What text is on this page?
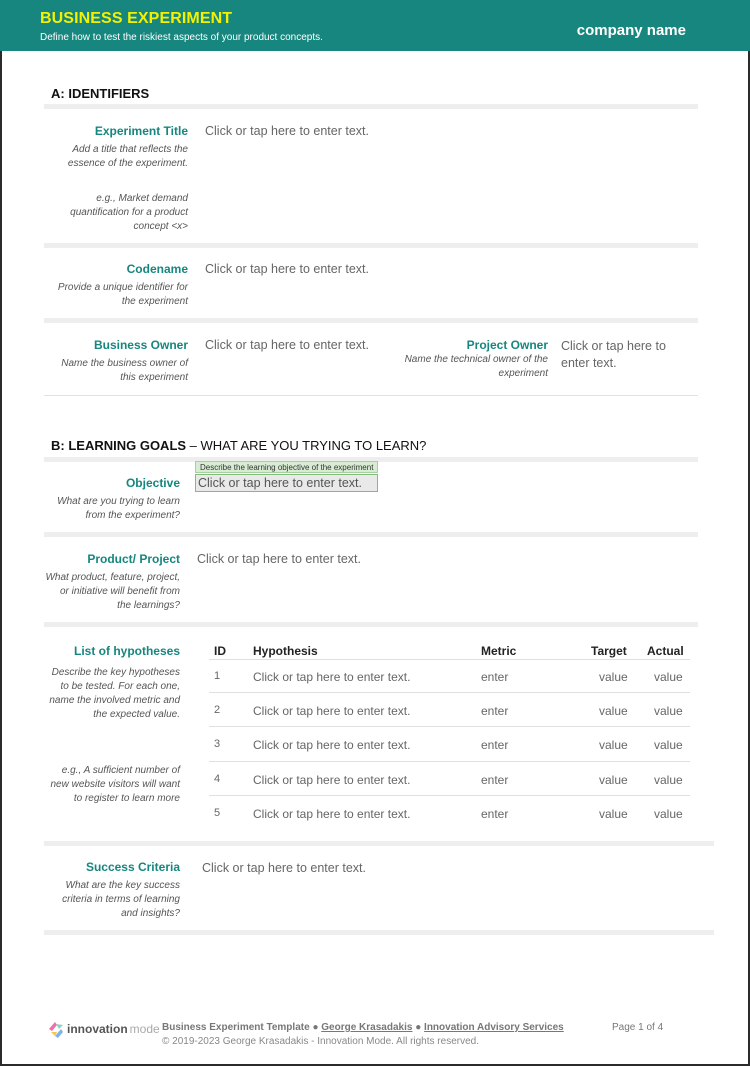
BUSINESS EXPERIMENT
Define how to test the riskiest aspects of your product concepts.	company name
A: IDENTIFIERS
Experiment Title
Add a title that reflects the essence of the experiment.
e.g., Market demand quantification for a product concept <x>
Click or tap here to enter text.
Codename
Provide a unique identifier for the experiment
Click or tap here to enter text.
Business Owner
Name the business owner of this experiment
Click or tap here to enter text.	Project Owner
Name the technical owner of the experiment
Click or tap here to enter text.
B: LEARNING GOALS – WHAT ARE YOU TRYING TO LEARN?
Describe the learning objective of the experiment
Objective
What are you trying to learn from the experiment?
Click or tap here to enter text.
Product/ Project
What product, feature, project, or initiative will benefit from the learnings?
Click or tap here to enter text.
List of hypotheses
Describe the key hypotheses to be tested. For each one, name the involved metric and the expected value.
e.g., A sufficient number of new website visitors will want to register to learn more
ID Hypothesis	Metric	Target Actual
1	Click or tap here to enter text.	enter	value value
2	Click or tap here to enter text.	enter	value value
3	Click or tap here to enter text.	enter	value value
4	Click or tap here to enter text.	enter	value value
5	Click or tap here to enter text.	enter	value value
Success Criteria
What are the key success criteria in terms of learning and insights?
Click or tap here to enter text.
innovation mode Business Experiment Template ● George Krasadakis ● Innovation Advisory Services
© 2019-2023 George Krasadakis - Innovation Mode. All rights reserved.
Page 1 of 4
